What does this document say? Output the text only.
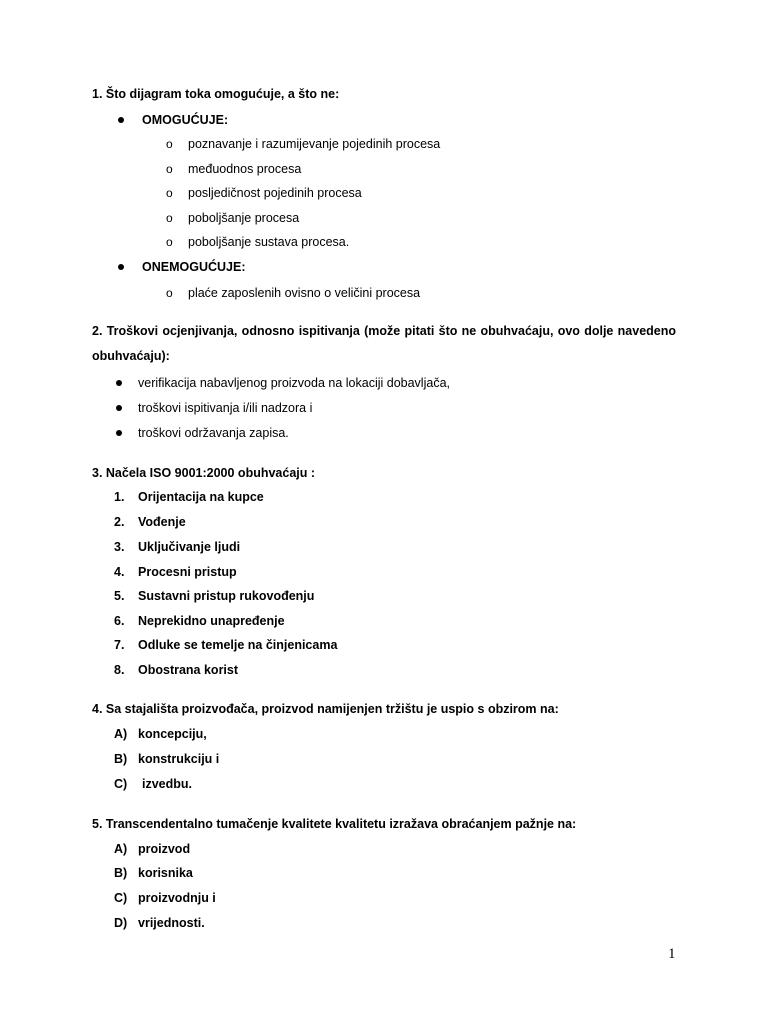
1. Što dijagram toka omogućuje, a što ne:
OMOGUĆUJE:
o poznavanje i razumijevanje pojedinih procesa
o međuodnos procesa
o posljedičnost pojedinih procesa
o poboljšanje procesa
o poboljšanje sustava procesa.
ONEMOGUĆUJE:
o plaće zaposlenih ovisno o veličini procesa
2. Troškovi ocjenjivanja, odnosno ispitivanja (može pitati što ne obuhvaćaju, ovo dolje navedeno obuhvaćaju):
verifikacija nabavljenog proizvoda na lokaciji dobavljača,
troškovi ispitivanja i/ili nadzora i
troškovi održavanja zapisa.
3. Načela ISO 9001:2000 obuhvaćaju :
1. Orijentacija na kupce
2. Vođenje
3. Uključivanje ljudi
4. Procesni pristup
5. Sustavni pristup rukovođenju
6. Neprekidno unapređenje
7. Odluke se temelje na činjenicama
8. Obostrana korist
4. Sa stajališta proizvođača, proizvod namijenjen tržištu je uspio s obzirom na:
A) koncepciju,
B) konstrukciju i
C) izvedbu.
5. Transcendentalno tumačenje kvalitete kvalitetu izražava obraćanjem pažnje na:
A) proizvod
B) korisnika
C) proizvodnju i
D) vrijednosti.
1
